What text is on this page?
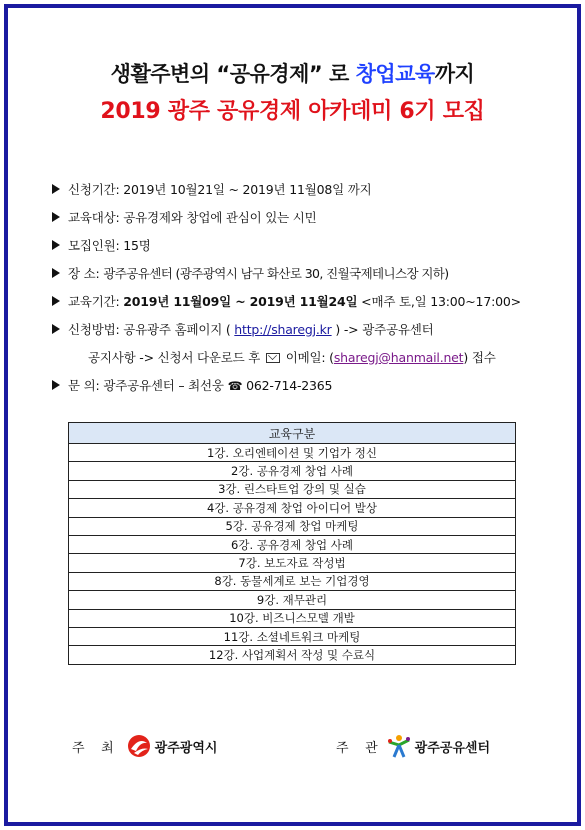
생활주변의 “공유경제” 로 창업교육까지
2019 광주 공유경제 아카데미 6기 모집
신청기간: 2019년 10월21일 ~ 2019년 11월08일 까지
교육대상: 공유경제와 창업에 관심이 있는 시민
모집인원: 15명
장 소: 광주공유센터 (광주광역시 남구 화산로 30, 진월국제테니스장 지하)
교육기간: 2019년 11월09일 ~ 2019년 11월24일 <매주 토,일 13:00~17:00>
신청방법: 공유광주 홈페이지 ( http://sharegj.kr ) -> 광주공유센터
공지사항 -> 신청서 다운로드 후 이메일: (sharegj@hanmail.net) 접수
문 의: 광주공유센터 – 최선웅 ☎ 062-714-2365
교육구분
1강. 오리엔테이션 및 기업가 정신
2강. 공유경제 창업 사례
3강. 린스타트업 강의 및 실습
4강. 공유경제 창업 아이디어 발상
5강. 공유경제 창업 마케팅
6강. 공유경제 창업 사례
7강. 보도자료 작성법
8강. 동물세계로 보는 기업경영
9강. 재무관리
10강. 비즈니스모델 개발
11강. 소셜네트워크 마케팅
12강. 사업계획서 작성 및 수료식
주    최	광주광역시	주    관	광주공유센터
